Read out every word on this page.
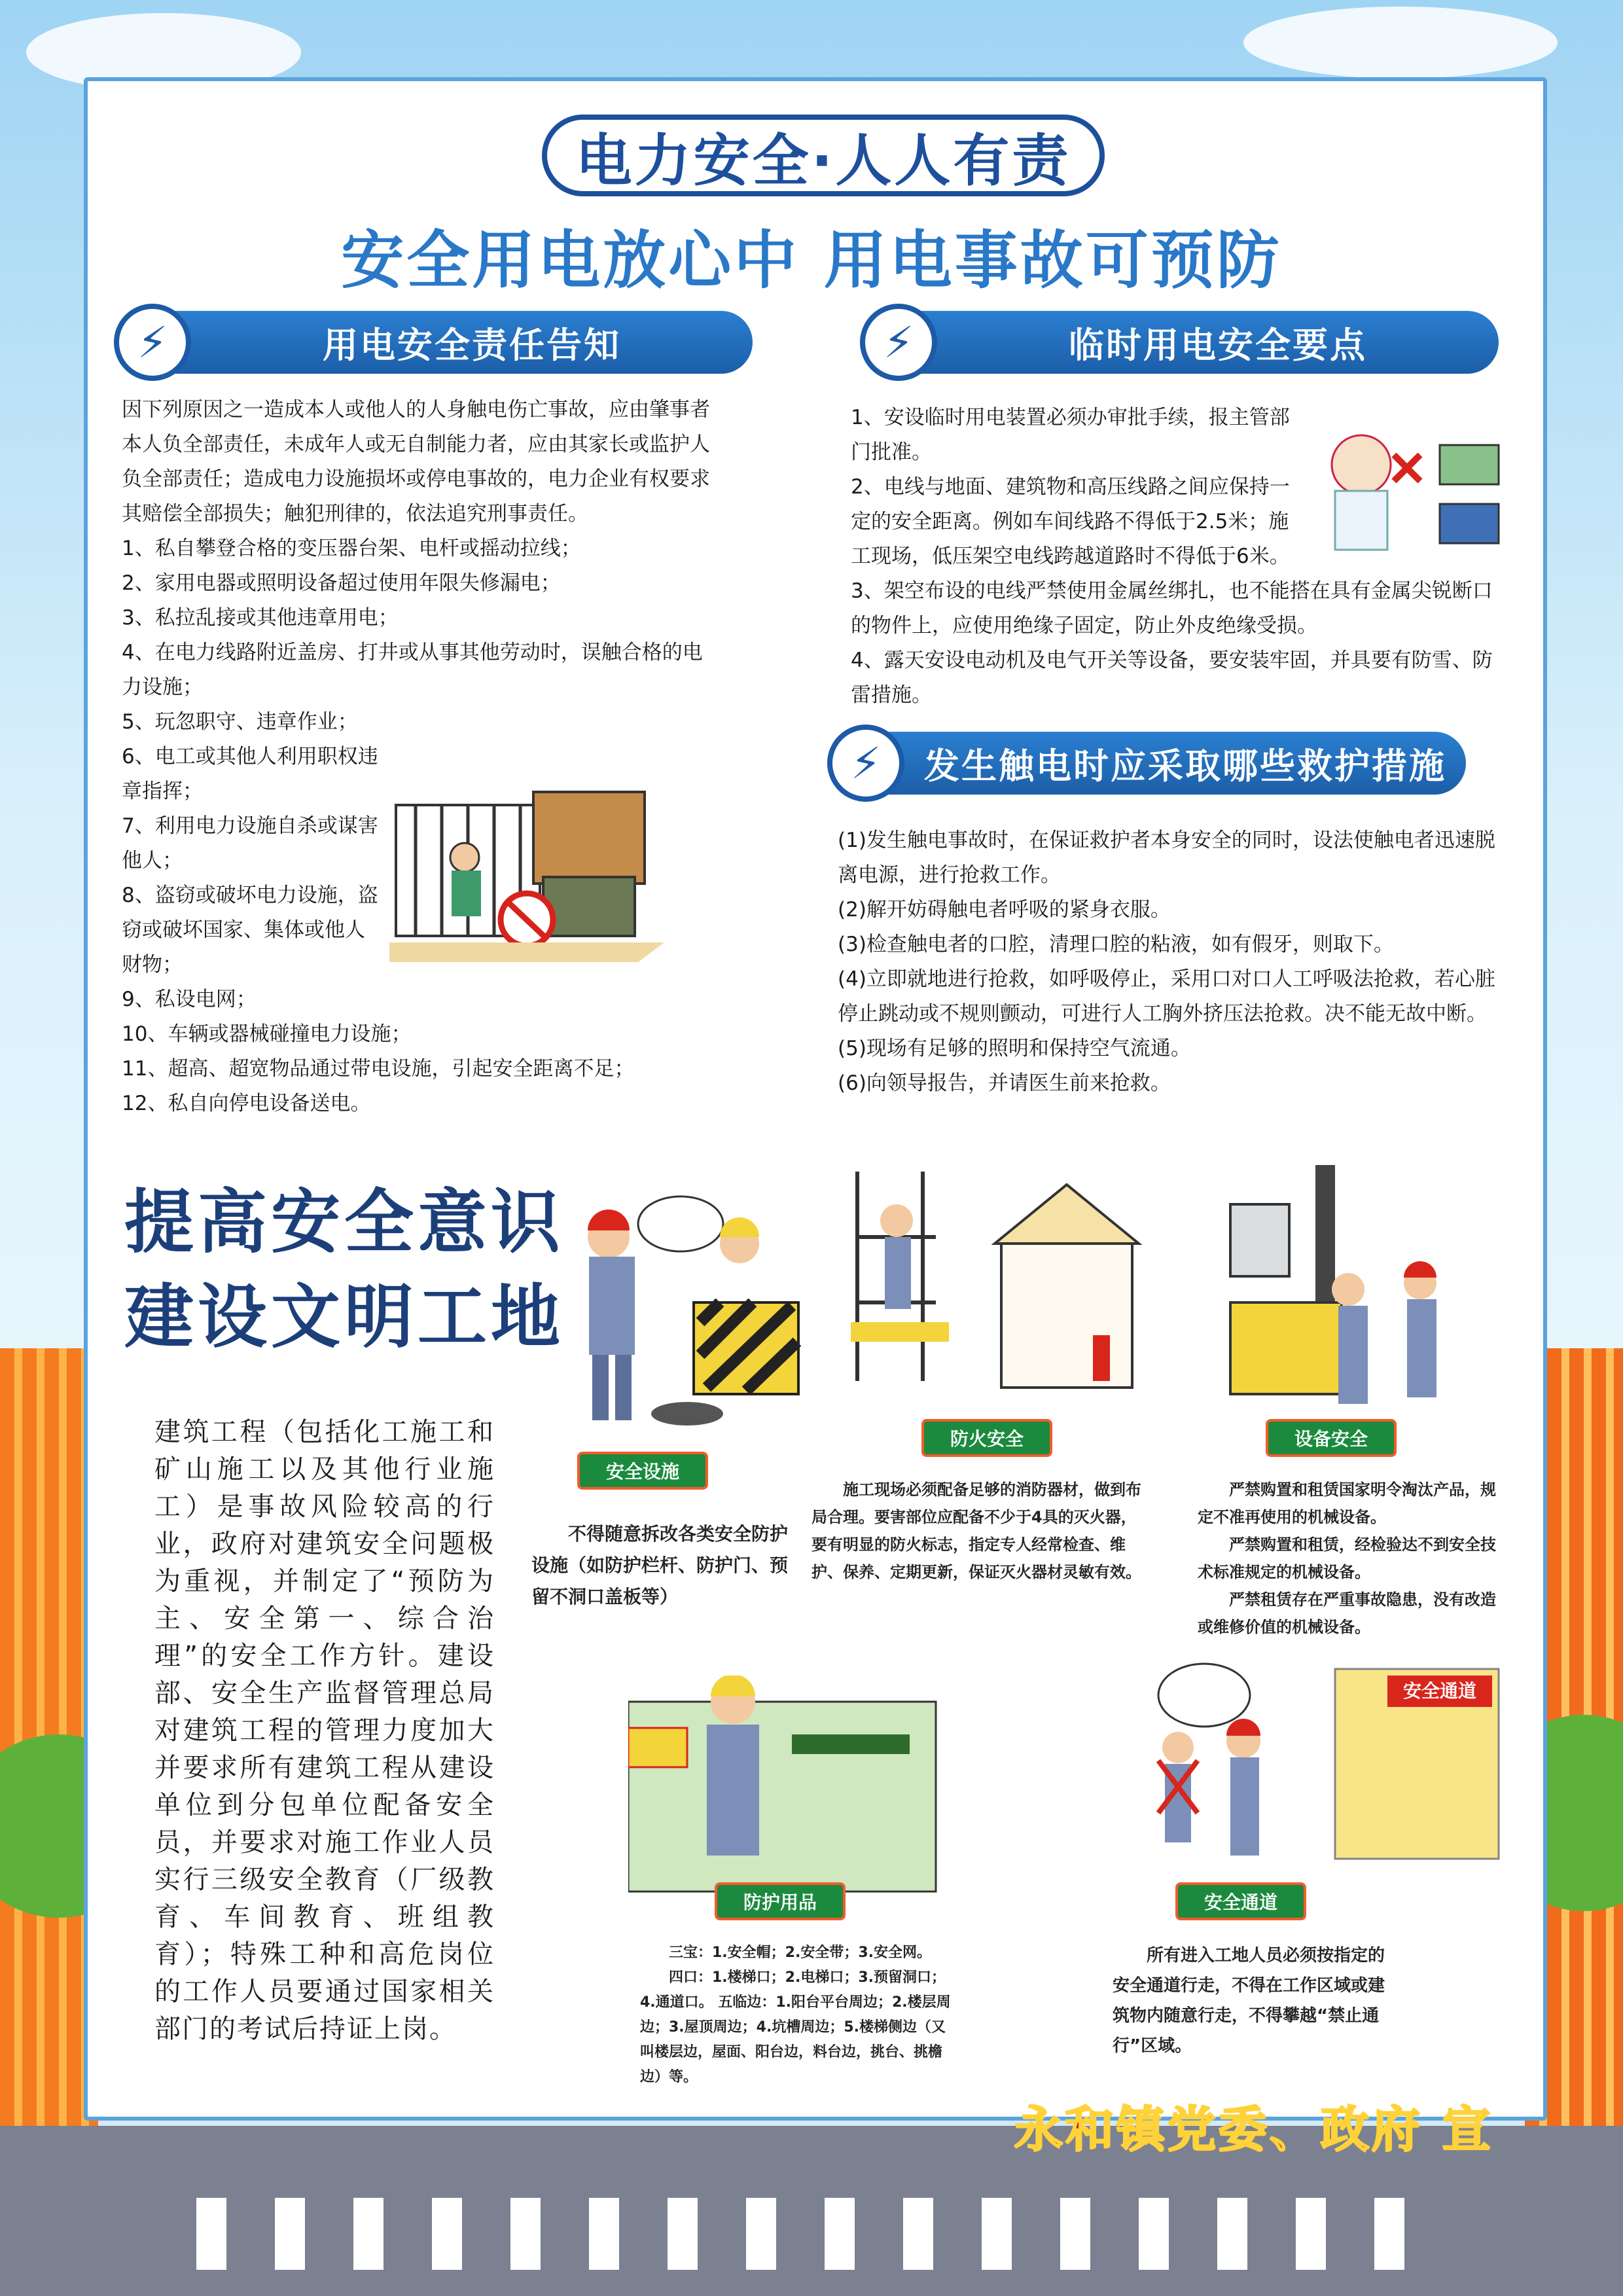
电力安全·人人有责
安全用电放心中 用电事故可预防
⚡	用电安全责任告知	⚡	临时用电安全要点
⚡	发生触电时应采取哪些救护措施

因下列原因之一造成本人或他人的人身触电伤亡事故，应由肇事者本人负全部责任，未成年人或无自制能力者，应由其家长或监护人负全部责任；造成电力设施损坏或停电事故的，电力企业有权要求其赔偿全部损失；触犯刑律的，依法追究刑事责任。

1、私自攀登合格的变压器台架、电杆或摇动拉线；

2、家用电器或照明设备超过使用年限失修漏电；

3、私拉乱接或其他违章用电；

4、在电力线路附近盖房、打井或从事其他劳动时，误触合格的电力设施；

5、玩忽职守、违章作业；

6、电工或其他人利用职权违章指挥；

7、利用电力设施自杀或谋害他人；

8、盗窃或破坏电力设施，盗窃或破坏国家、集体或他人财物；

9、私设电网；

10、车辆或器械碰撞电力设施；

11、超高、超宽物品通过带电设施，引起安全距离不足；

12、私自向停电设备送电。

1、安设临时用电装置必须办审批手续，报主管部门批准。

2、电线与地面、建筑物和高压线路之间应保持一定的安全距离。例如车间线路不得低于2.5米；施工现场，低压架空电线跨越道路时不得低于6米。

3、架空布设的电线严禁使用金属丝绑扎，也不能搭在具有金属尖锐断口的物件上，应使用绝缘子固定，防止外皮绝缘受损。

4、露天安设电动机及电气开关等设备，要安装牢固，并具要有防雪、防雷措施。

(1)发生触电事故时，在保证救护者本身安全的同时，设法使触电者迅速脱离电源，进行抢救工作。

(2)解开妨碍触电者呼吸的紧身衣服。

(3)检查触电者的口腔，清理口腔的粘液，如有假牙，则取下。

(4)立即就地进行抢救，如呼吸停止，采用口对口人工呼吸法抢救，若心脏停止跳动或不规则颤动，可进行人工胸外挤压法抢救。决不能无故中断。

(5)现场有足够的照明和保持空气流通。

(6)向领导报告，并请医生前来抢救。

提高安全意识
建设文明工地
建筑工程（包括化工施工和矿山施工以及其他行业施工）是事故风险较高的行业，政府对建筑安全问题极为重视，并制定了“预防为主、安全第一、综合治理”的安全工作方针。建设部、安全生产监督管理总局对建筑工程的管理力度加大并要求所有建筑工程从建设单位到分包单位配备安全员，并要求对施工作业人员实行三级安全教育（厂级教育、车间教育、班组教育）；特殊工种和高危岗位的工作人员要通过国家相关部门的考试后持证上岗。
安全通道
安全设施

不得随意拆改各类安全防护设施（如防护栏杆、防护门、预留不洞口盖板等）

防火安全

施工现场必须配备足够的消防器材，做到布局合理。要害部位应配备不少于4具的灭火器，要有明显的防火标志，指定专人经常检查、维护、保养、定期更新，保证灭火器材灵敏有效。

设备安全

严禁购置和租赁国家明令淘汰产品，规定不准再使用的机械设备。

严禁购置和租赁，经检验达不到安全技术标准规定的机械设备。

严禁租赁存在严重事故隐患，没有改造或维修价值的机械设备。

防护用品

三宝：1.安全帽；2.安全带；3.安全网。

四口：1.楼梯口；2.电梯口；3.预留洞口；4.通道口。 五临边：1.阳台平台周边；2.楼层周边；3.屋顶周边；4.坑槽周边；5.楼梯侧边（又叫楼层边，屋面、阳台边，料台边，挑台、挑檐边）等。

安全通道

所有进入工地人员必须按指定的安全通道行走，不得在工作区域或建筑物内随意行走，不得攀越“禁止通行”区域。

永和镇党委、政府 宣
